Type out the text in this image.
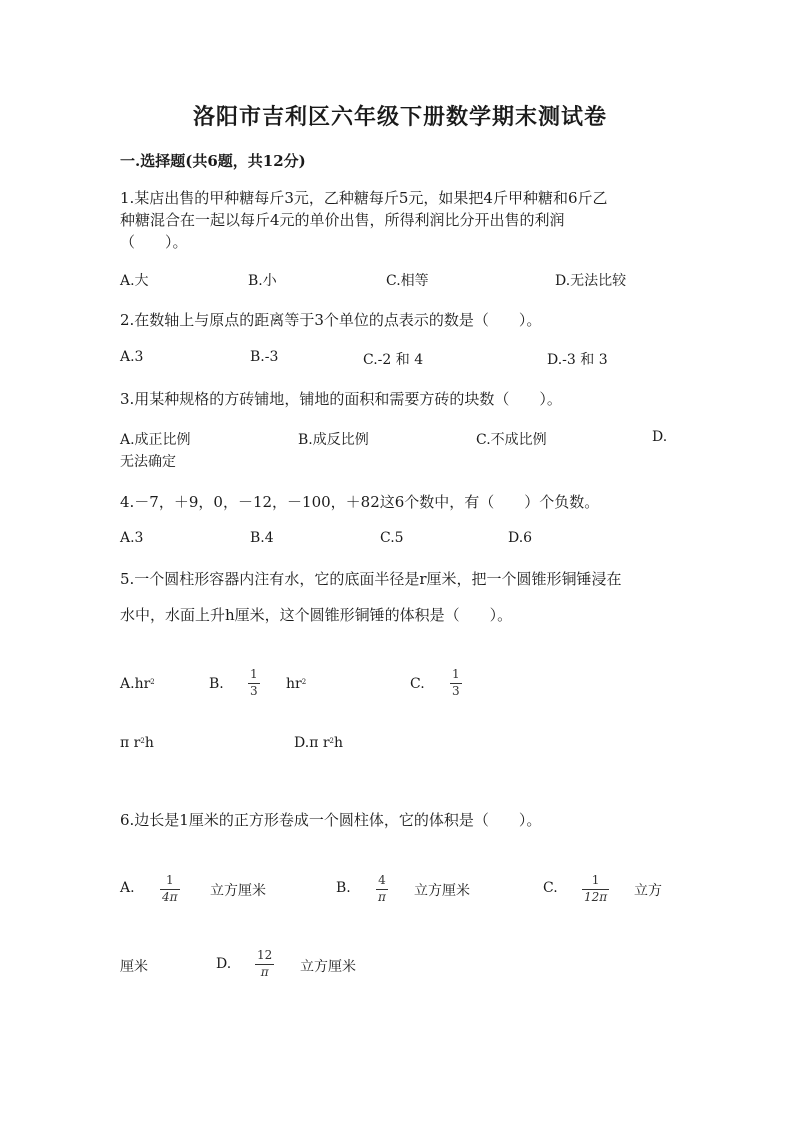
洛阳市吉利区六年级下册数学期末测试卷
一.选择题(共6题，共12分)
1.某店出售的甲种糖每斤3元，乙种糖每斤5元，如果把4斤甲种糖和6斤乙
种糖混合在一起以每斤4元的单价出售，所得利润比分开出售的利润
（　　）。
A.大	B.小	C.相等	D.无法比较
2.在数轴上与原点的距离等于3个单位的点表示的数是（　　）。
A.3	B.-3	C.-2 和 4	D.-3 和 3
3.用某种规格的方砖铺地，铺地的面积和需要方砖的块数（　　）。
A.成正比例	B.成反比例	C.不成比例	D.
无法确定
4.－7，＋9，0，－12，－100，＋82这6个数中，有（　　）个负数。
A.3	B.4	C.5	D.6
5.一个圆柱形容器内注有水，它的底面半径是r厘米，把一个圆锥形铜锤浸在
水中，水面上升h厘米，这个圆锥形铜锤的体积是（　　）。
$A.hr^2$	B.
1
3 $hr^2$	C.
1
3
π $r^2h$	D.π $r^2h$
6.边长是1厘米的正方形卷成一个圆柱体，它的体积是（　　）。
A.	1
4π 立方厘米	B. 4
π 立方厘米	C.	1
12π 立方
厘米	D.
12
π 立方厘米
